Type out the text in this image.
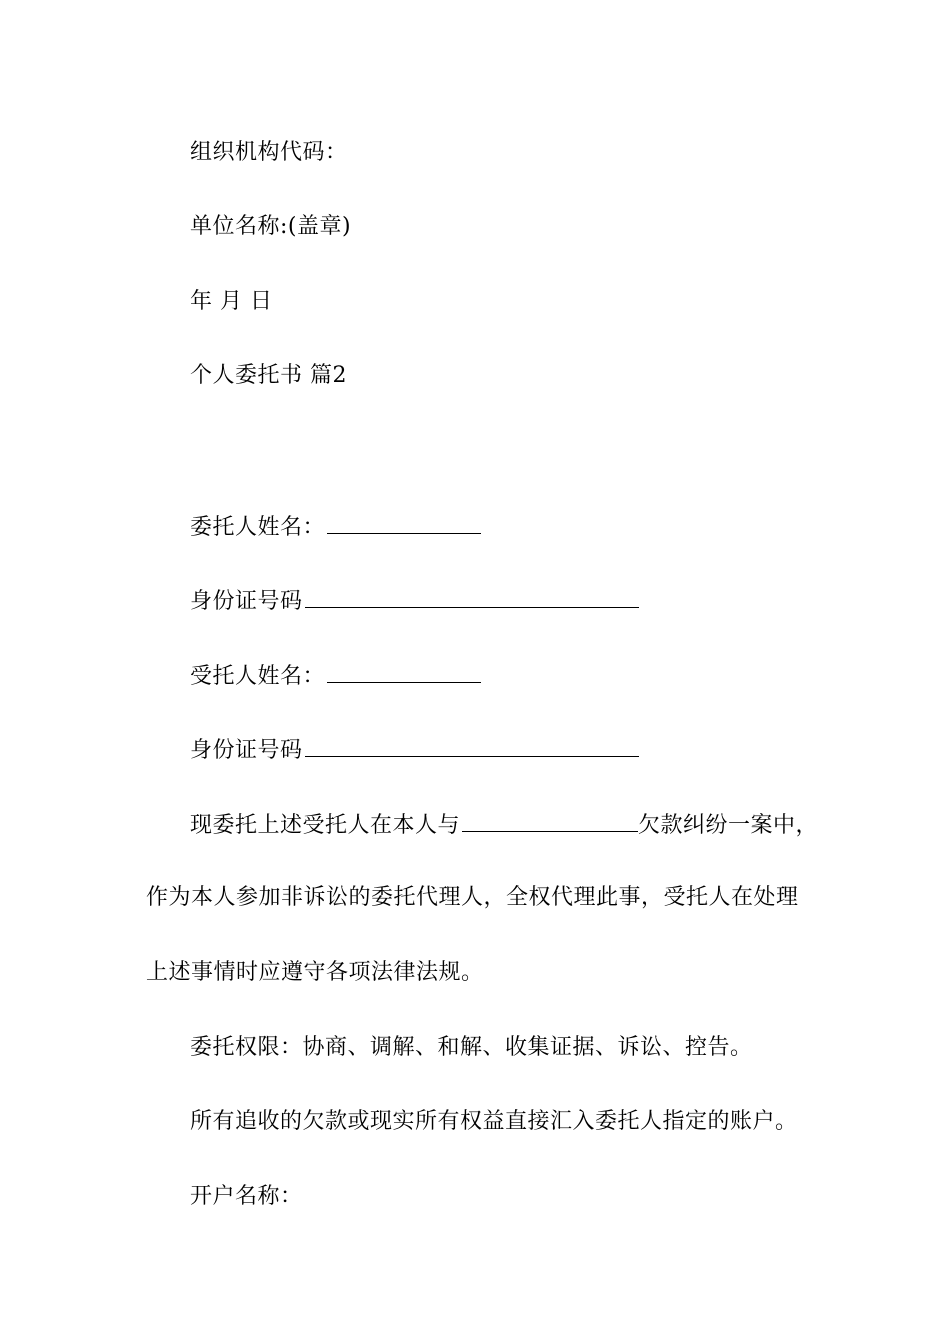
组织机构代码：
单位名称:(盖章)
年 月 日
个人委托书 篇2
委托人姓名：
身份证号码
受托人姓名：
身份证号码
现委托上述受托人在本人与	欠款纠纷一案中，
作为本人参加非诉讼的委托代理人，全权代理此事，受托人在处理
上述事情时应遵守各项法律法规。
委托权限：协商、调解、和解、收集证据、诉讼、控告。
所有追收的欠款或现实所有权益直接汇入委托人指定的账户。
开户名称：
